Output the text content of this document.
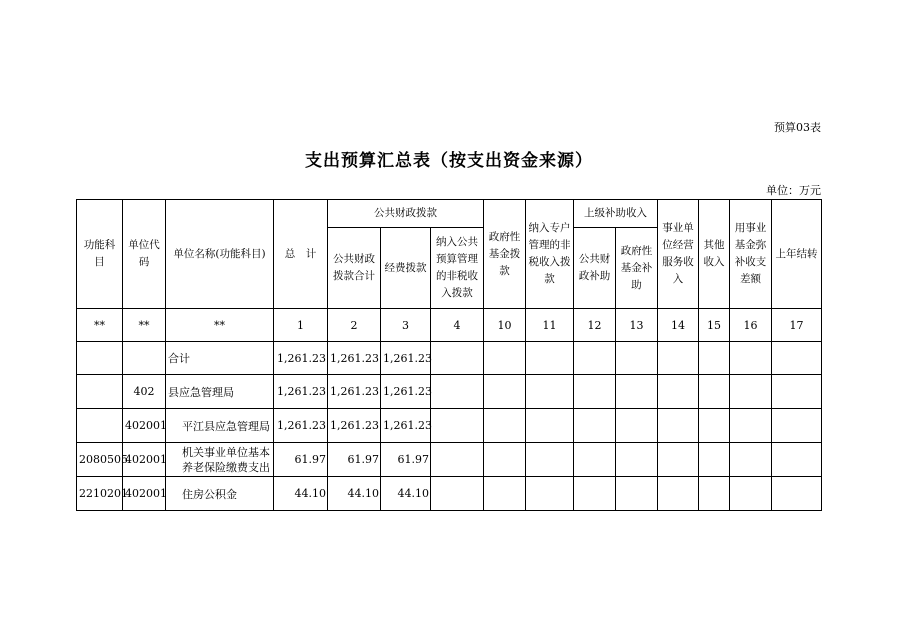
预算03表
支出预算汇总表（按支出资金来源）
单位：万元
功能科目	单位代码	单位名称(功能科目)	总　计	公共财政拨款			政府性基金拨款	纳入专户管理的非税收入拨款	上级补助收入		事业单位经营服务收入	其他收入	用事业基金弥补收支差额	上年结转
				公共财政拨款合计	经费拨款	纳入公共预算管理的非税收入拨款			公共财政补助	政府性基金补助				
**	**	**	1	2	3	4	10	11	12	13	14	15	16	17
		合计	1,261.23	1,261.23	1,261.23									
	402	县应急管理局	1,261.23	1,261.23	1,261.23									
	402001	平江县应急管理局	1,261.23	1,261.23	1,261.23									
2080505	402001	机关事业单位基本养老保险缴费支出	61.97	61.97	61.97									
2210201	402001	住房公积金	44.10	44.10	44.10									
